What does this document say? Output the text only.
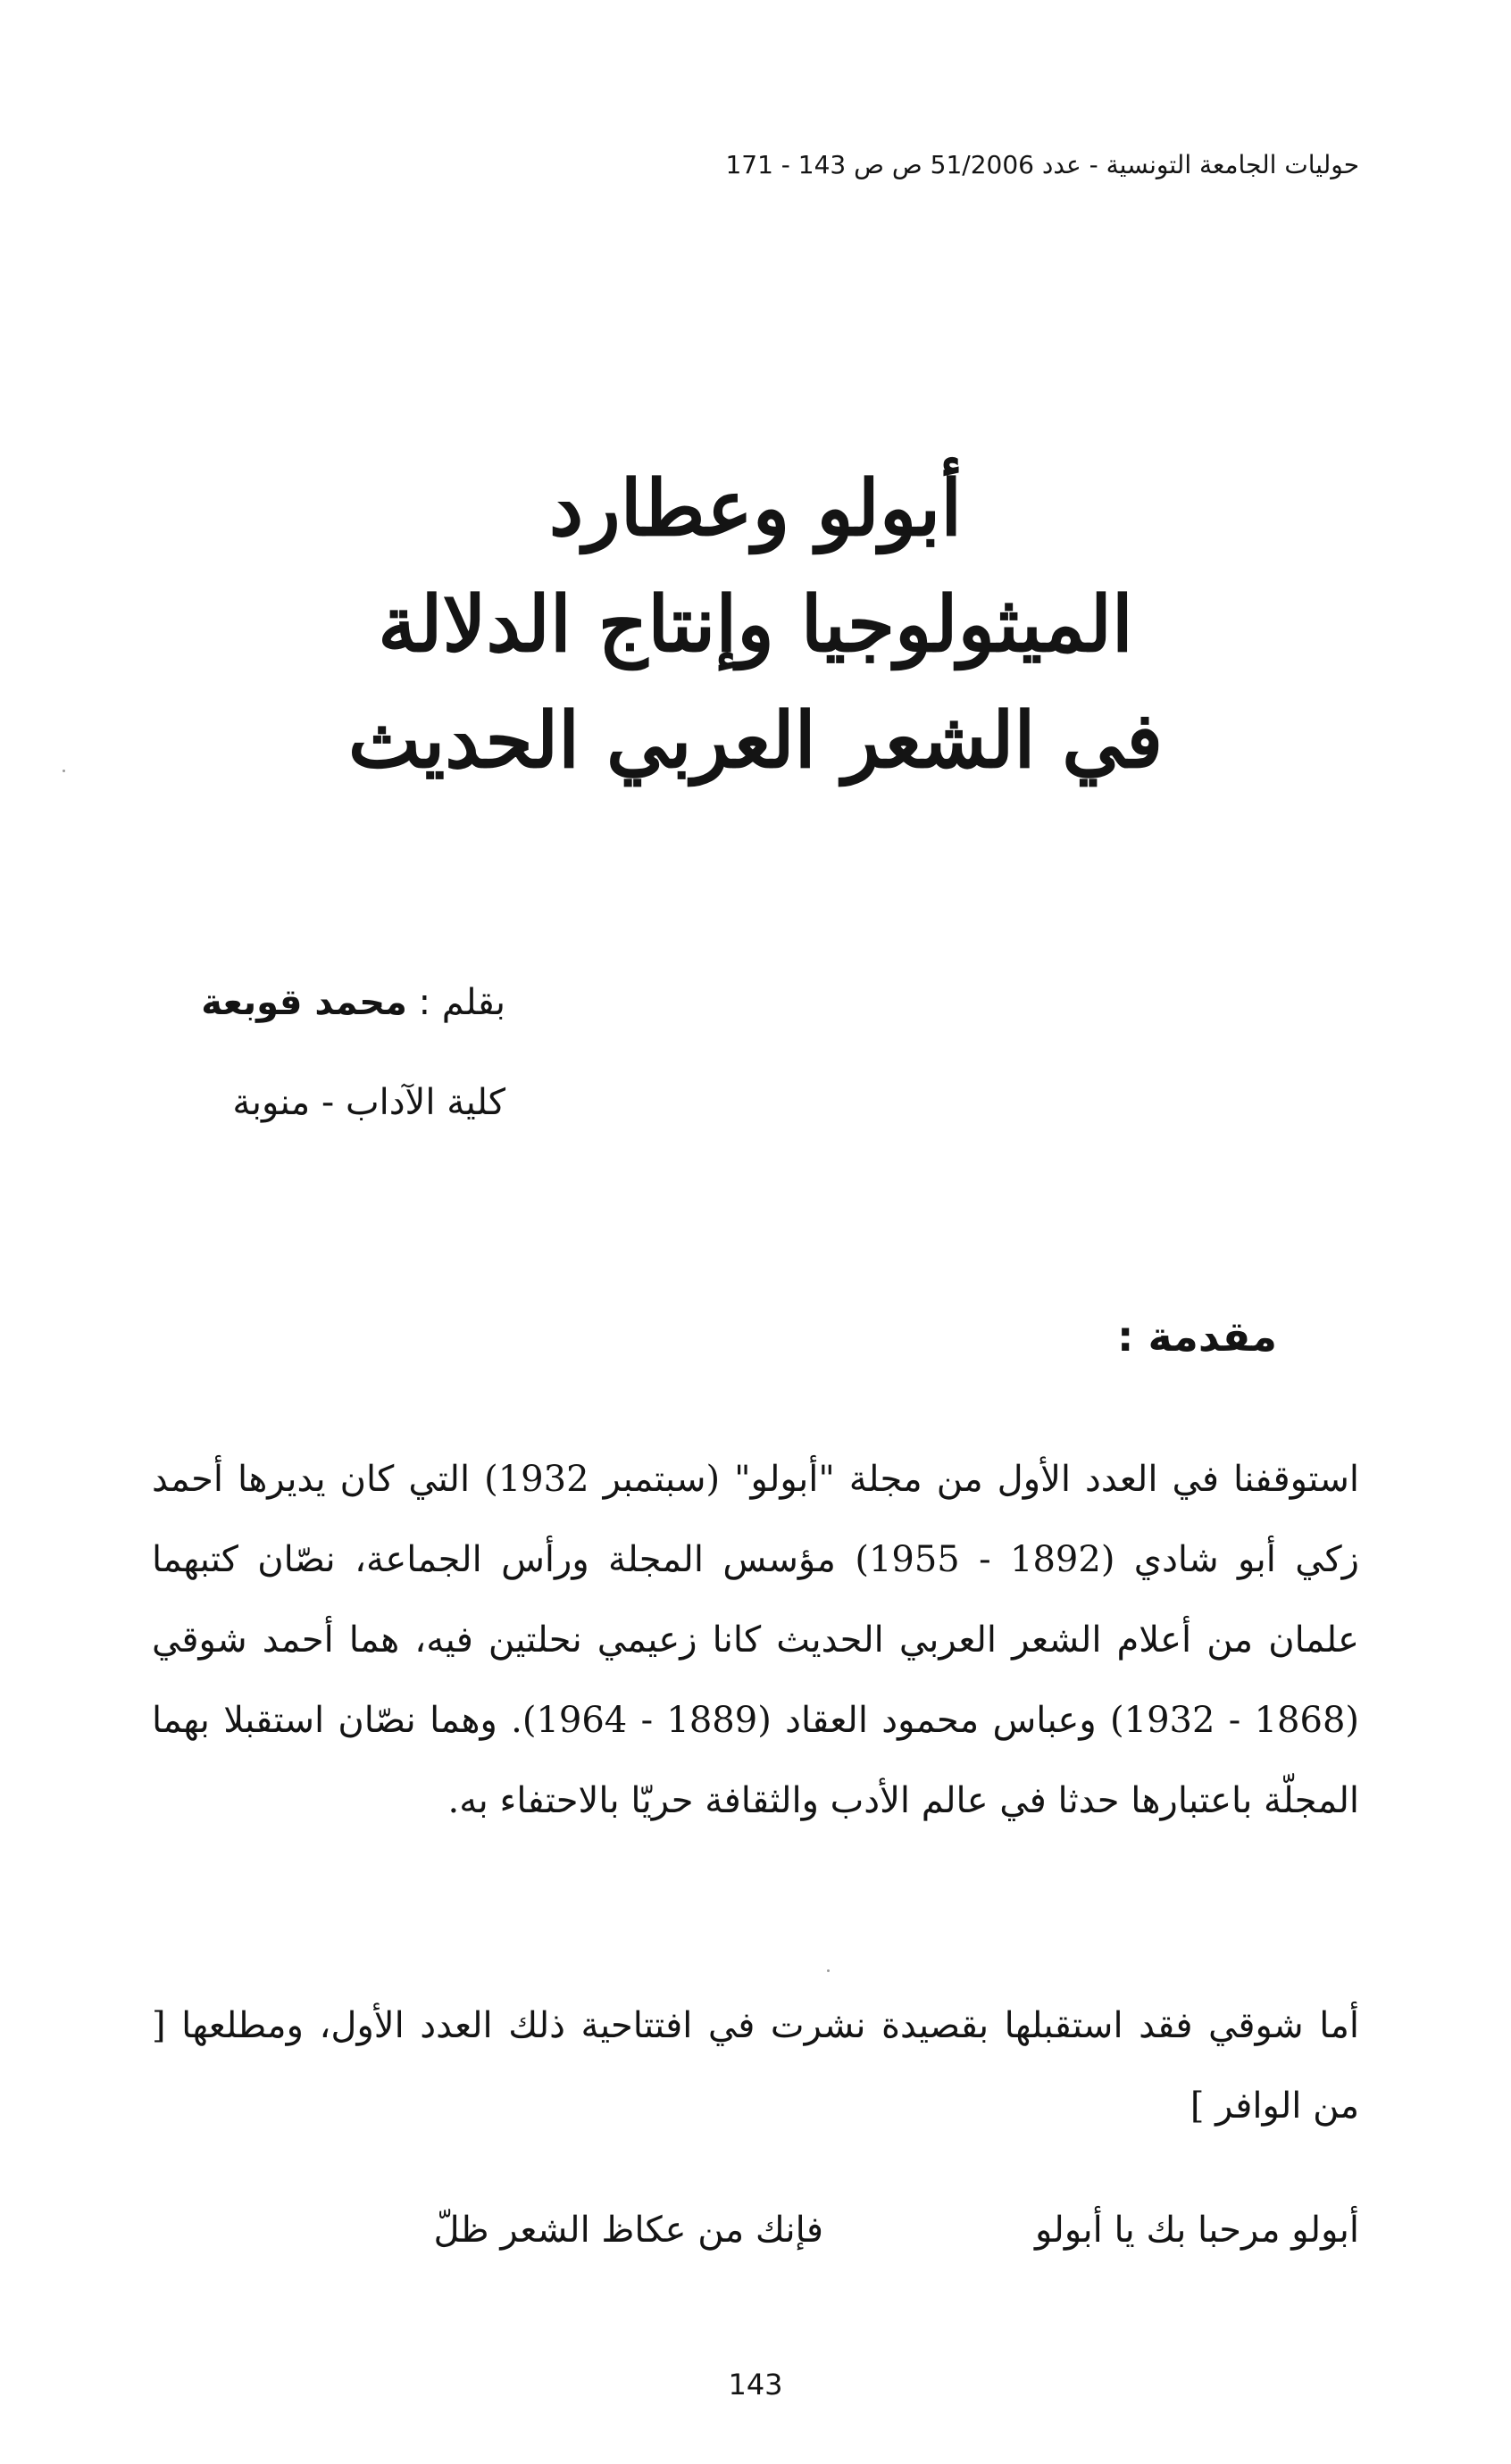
حوليات الجامعة التونسية - عدد 51/2006 ص ص 143 - 171
أبولو وعطارد
الميثولوجيا وإنتاج الدلالة
في الشعر العربي الحديث
بقلم : محمد قوبعة
كلية الآداب - منوبة
مقدمة :
استوقفنا في العدد الأول من مجلة "أبولو" (سبتمبر 1932) التي كان يديرها أحمد زكي أبو شادي (1892 - 1955) مؤسس المجلة ورأس الجماعة، نصّان كتبهما علمان من أعلام الشعر العربي الحديث كانا زعيمي نحلتين فيه، هما أحمد شوقي (1868 - 1932) وعباس محمود العقاد (1889 - 1964). وهما نصّان استقبلا بهما المجلّة باعتبارها حدثا في عالم الأدب والثقافة حريّا بالاحتفاء به.
أما شوقي فقد استقبلها بقصيدة نشرت في افتتاحية ذلك العدد الأول، ومطلعها [ من الوافر ]
أبولو مرحبا بك يا أبولو
فإنك من عكاظ الشعر ظلّ
143
